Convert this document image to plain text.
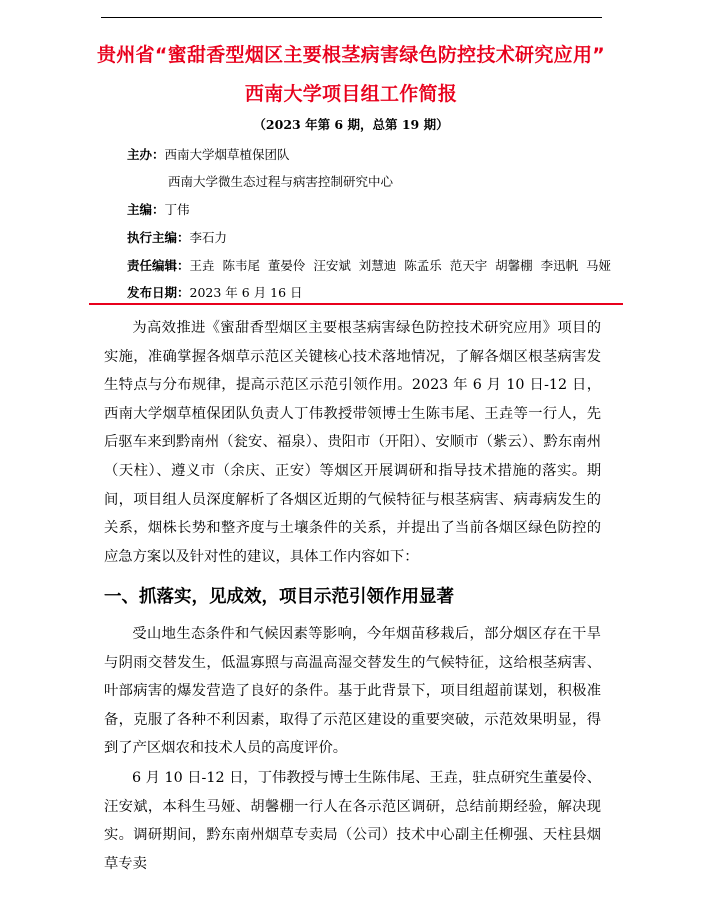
贵州省“蜜甜香型烟区主要根茎病害绿色防控技术研究应用”
西南大学项目组工作简报
（2023 年第 6 期，总第 19 期）
主办：西南大学烟草植保团队
西南大学微生态过程与病害控制研究中心
主编：丁伟
执行主编：李石力
责任编辑：王垚  陈韦尾  董晏伶  汪安斌  刘慧迪  陈孟乐  范天宇  胡馨棚  李迅帆  马娅
发布日期：2023 年 6 月 16 日

为高效推进《蜜甜香型烟区主要根茎病害绿色防控技术研究应用》项目的实施，准确掌握各烟草示范区关键核心技术落地情况，了解各烟区根茎病害发生特点与分布规律，提高示范区示范引领作用。2023 年 6 月 10 日-12 日，西南大学烟草植保团队负责人丁伟教授带领博士生陈韦尾、王垚等一行人，先后驱车来到黔南州（瓮安、福泉）、贵阳市（开阳）、安顺市（紫云）、黔东南州（天柱）、遵义市（余庆、正安）等烟区开展调研和指导技术措施的落实。期间，项目组人员深度解析了各烟区近期的气候特征与根茎病害、病毒病发生的关系，烟株长势和整齐度与土壤条件的关系，并提出了当前各烟区绿色防控的应急方案以及针对性的建议，具体工作内容如下：

一、抓落实，见成效，项目示范引领作用显著

受山地生态条件和气候因素等影响，今年烟苗移栽后，部分烟区存在干旱与阴雨交替发生，低温寡照与高温高湿交替发生的气候特征，这给根茎病害、叶部病害的爆发营造了良好的条件。基于此背景下，项目组超前谋划，积极准备，克服了各种不利因素，取得了示范区建设的重要突破，示范效果明显，得到了产区烟农和技术人员的高度评价。

6 月 10 日-12 日，丁伟教授与博士生陈伟尾、王垚，驻点研究生董晏伶、汪安斌，本科生马娅、胡馨棚一行人在各示范区调研，总结前期经验，解决现实。调研期间，黔东南州烟草专卖局（公司）技术中心副主任柳强、天柱县烟草专卖
